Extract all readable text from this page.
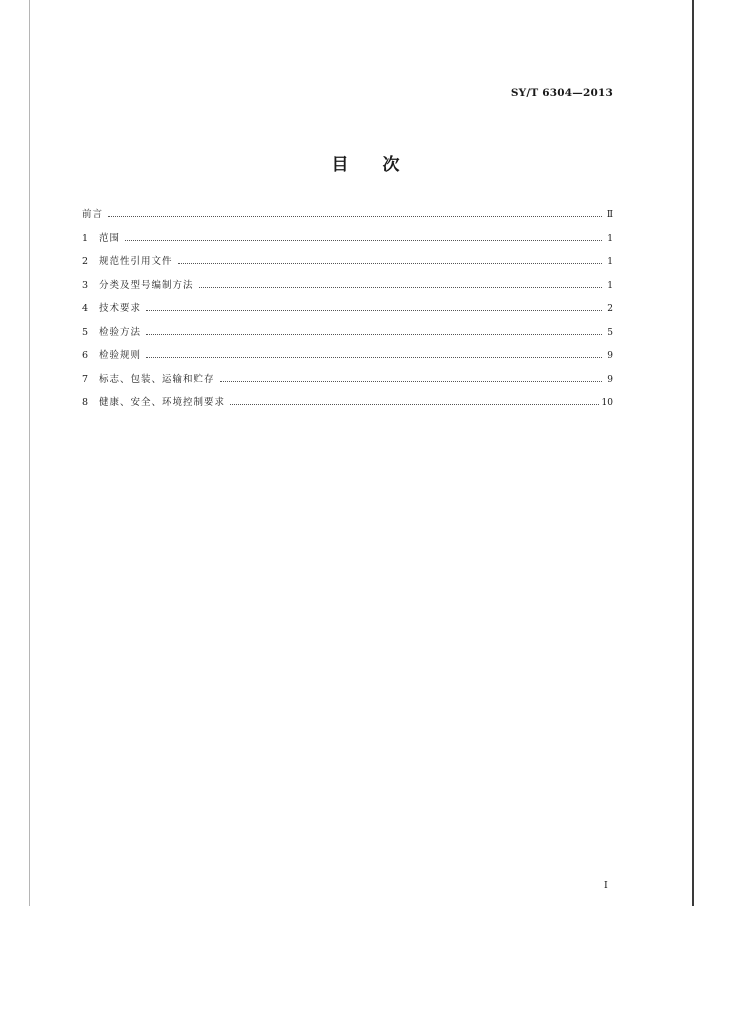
SY/T 6304—2013
目次
前言	Ⅱ
1	范围	1
2	规范性引用文件	1
3	分类及型号编制方法	1
4	技术要求	2
5	检验方法	5
6	检验规则	9
7	标志、包装、运输和贮存	9
8	健康、安全、环境控制要求	10
I
